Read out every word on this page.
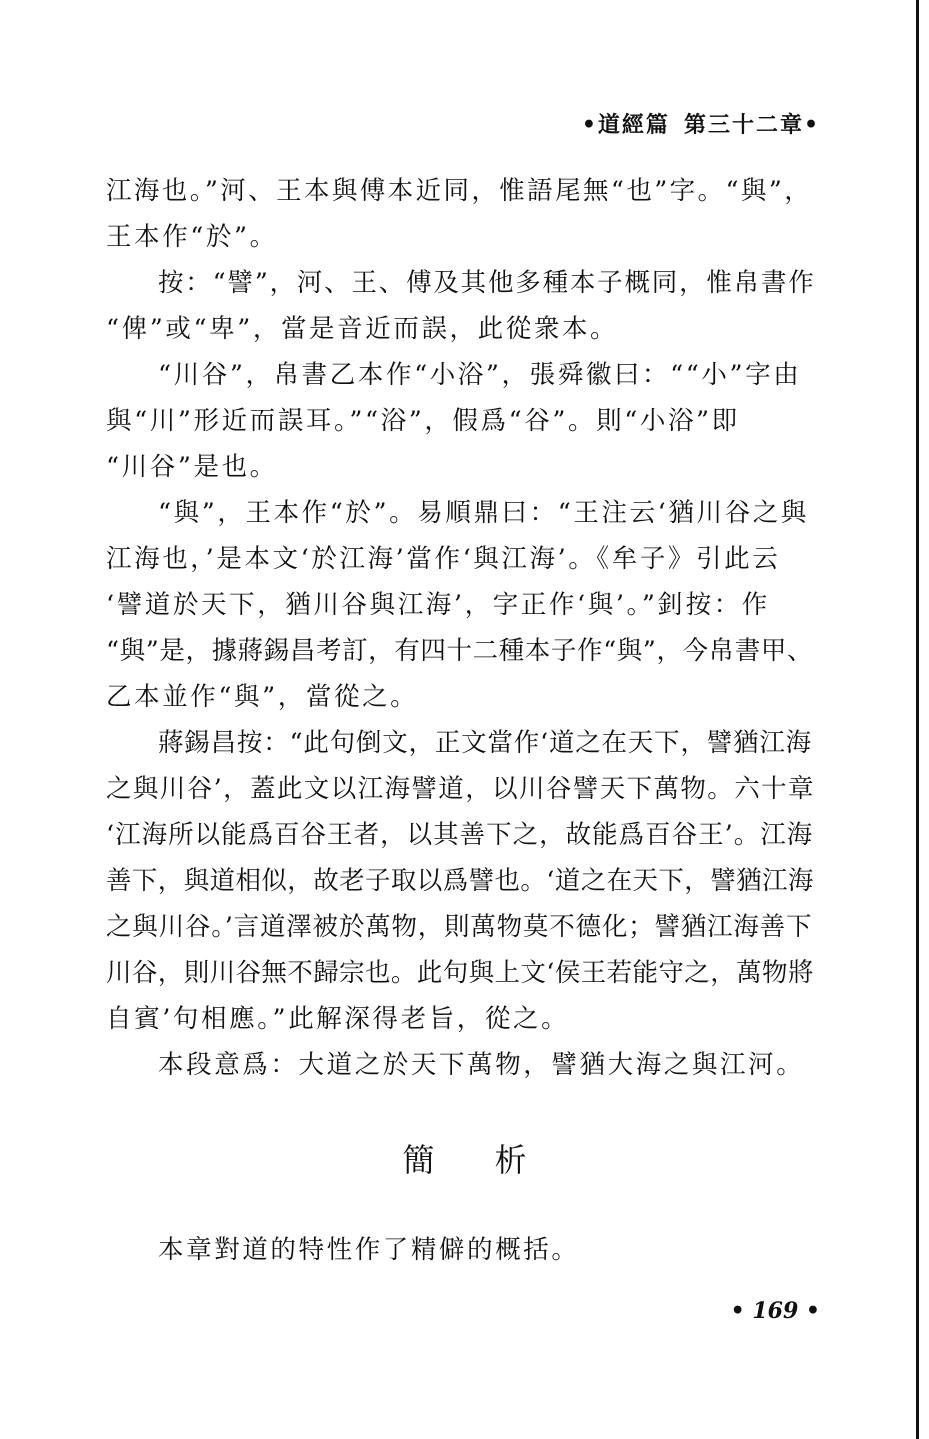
•道經篇 第三十二章•
江海也。”河、王本與傅本近同，惟語尾無“也”字。“與”，
王本作“於”。
按：“譬”，河、王、傅及其他多種本子概同，惟帛書作
“俾”或“卑”，當是音近而誤，此從衆本。
“川谷”，帛書乙本作“小浴”，張舜徽曰：““小”字由
與“川”形近而誤耳。”“浴”，假爲“谷”。則“小浴”即
“川谷”是也。
“與”，王本作“於”。易順鼎曰：“王注云‘猶川谷之與
江海也，’是本文‘於江海’當作‘與江海’。《牟子》引此云
‘譬道於天下，猶川谷與江海’，字正作‘與’。”釗按：作
“與”是，據蔣錫昌考訂，有四十二種本子作“與”，今帛書甲、
乙本並作“與”，當從之。
蔣錫昌按：“此句倒文，正文當作‘道之在天下，譬猶江海
之與川谷’，蓋此文以江海譬道，以川谷譬天下萬物。六十章
‘江海所以能爲百谷王者，以其善下之，故能爲百谷王’。江海
善下，與道相似，故老子取以爲譬也。‘道之在天下，譬猶江海
之與川谷。’言道澤被於萬物，則萬物莫不德化；譬猶江海善下
川谷，則川谷無不歸宗也。此句與上文‘侯王若能守之，萬物將
自賓’句相應。”此解深得老旨，從之。
本段意爲：大道之於天下萬物，譬猶大海之與江河。
簡析
本章對道的特性作了精僻的概括。
• 169 •
